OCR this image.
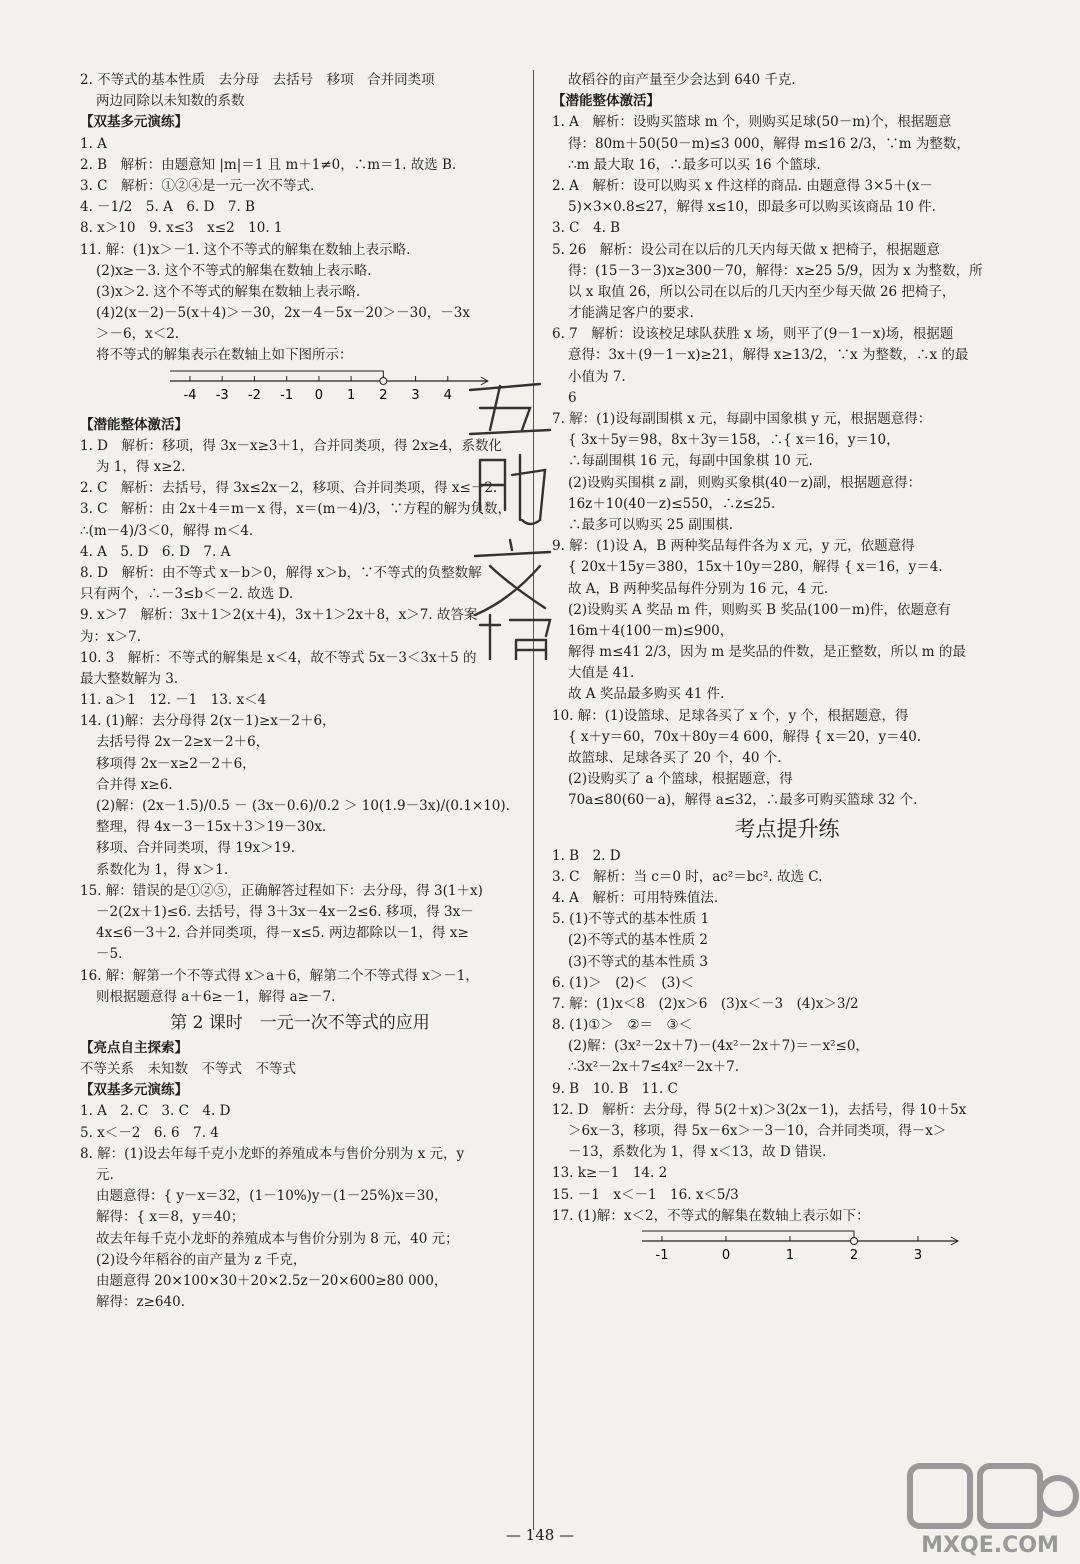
2. 不等式的基本性质　去分母　去括号　移项　合并同类项
两边同除以未知数的系数
【双基多元演练】
1. A
2. B　解析：由题意知 |m|＝1 且 m＋1≠0，∴m＝1. 故选 B.
3. C　解析：①②④是一元一次不等式.
4. －1/2　5. A　6. D　7. B
8. x＞10　9. x≤3　x≤2　10. 1
11. 解：(1)x＞－1. 这个不等式的解集在数轴上表示略.
(2)x≥－3. 这个不等式的解集在数轴上表示略.
(3)x＞2. 这个不等式的解集在数轴上表示略.
(4)2(x－2)－5(x＋4)＞－30，2x－4－5x－20＞－30，－3x
＞－6，x＜2.
将不等式的解集表示在数轴上如下图所示：
-4 -3 -2 -1 0 1 2 3 4
【潜能整体激活】
1. D　解析：移项，得 3x－x≥3＋1，合并同类项，得 2x≥4，系数化
为 1，得 x≥2.
2. C　解析：去括号，得 3x≤2x－2，移项、合并同类项，得 x≤－2.
3. C　解析：由 2x＋4＝m－x 得，x＝(m－4)/3，∵方程的解为负数，
∴(m－4)/3＜0，解得 m＜4.
4. A　5. D　6. D　7. A
8. D　解析：由不等式 x－b＞0，解得 x＞b，∵不等式的负整数解
只有两个，∴－3≤b＜－2. 故选 D.
9. x＞7　解析：3x＋1＞2(x＋4)，3x＋1＞2x＋8，x＞7. 故答案
为：x＞7.
10. 3　解析：不等式的解集是 x＜4，故不等式 5x－3＜3x＋5 的
最大整数解为 3.
11. a＞1　12. －1　13. x＜4
14. (1)解：去分母得 2(x－1)≥x－2＋6，
去括号得 2x－2≥x－2＋6，
移项得 2x－x≥2－2＋6，
合并得 x≥6.
(2)解：(2x－1.5)/0.5 － (3x－0.6)/0.2 ＞ 10(1.9－3x)/(0.1×10).
整理，得 4x－3－15x＋3＞19－30x.
移项、合并同类项，得 19x＞19.
系数化为 1，得 x＞1.
15. 解：错误的是①②⑤，正确解答过程如下：去分母，得 3(1＋x)
－2(2x＋1)≤6. 去括号，得 3＋3x－4x－2≤6. 移项，得 3x－
4x≤6－3＋2. 合并同类项，得－x≤5. 两边都除以－1，得 x≥
－5.
16. 解：解第一个不等式得 x＞a＋6，解第二个不等式得 x＞－1，
则根据题意得 a＋6≥－1，解得 a≥－7.
第 2 课时　一元一次不等式的应用
【亮点自主探索】
不等关系　未知数　不等式　不等式
【双基多元演练】
1. A　2. C　3. C　4. D
5. x＜－2　6. 6　7. 4
8. 解：(1)设去年每千克小龙虾的养殖成本与售价分别为 x 元，y
元.
由题意得：{ y－x＝32，(1－10%)y－(1－25%)x＝30，
解得：{ x＝8，y＝40；
故去年每千克小龙虾的养殖成本与售价分别为 8 元，40 元；
(2)设今年稻谷的亩产量为 z 千克，
由题意得 20×100×30＋20×2.5z－20×600≥80 000，
解得：z≥640.
故稻谷的亩产量至少会达到 640 千克.
【潜能整体激活】
1. A　解析：设购买篮球 m 个，则购买足球(50－m)个，根据题意
得：80m＋50(50－m)≤3 000，解得 m≤16 2/3，∵m 为整数，
∴m 最大取 16，∴最多可以买 16 个篮球.
2. A　解析：设可以购买 x 件这样的商品. 由题意得 3×5＋(x－
5)×3×0.8≤27，解得 x≤10，即最多可以购买该商品 10 件.
3. C　4. B
5. 26　解析：设公司在以后的几天内每天做 x 把椅子，根据题意
得：(15－3－3)x≥300－70，解得：x≥25 5/9，因为 x 为整数，所
以 x 取值 26，所以公司在以后的几天内至少每天做 26 把椅子，
才能满足客户的要求.
6. 7　解析：设该校足球队获胜 x 场，则平了(9－1－x)场，根据题
意得：3x＋(9－1－x)≥21，解得 x≥13/2，∵x 为整数，∴x 的最
小值为 7.
6
7. 解：(1)设每副围棋 x 元，每副中国象棋 y 元，根据题意得：
{ 3x＋5y＝98，8x＋3y＝158，∴{ x＝16，y＝10，
∴每副围棋 16 元，每副中国象棋 10 元.
(2)设购买围棋 z 副，则购买象棋(40－z)副，根据题意得：
16z＋10(40－z)≤550，∴z≤25.
∴最多可以购买 25 副围棋.
9. 解：(1)设 A，B 两种奖品每件各为 x 元，y 元，依题意得
{ 20x＋15y＝380，15x＋10y＝280，解得 { x＝16，y＝4.
故 A，B 两种奖品每件分别为 16 元，4 元.
(2)设购买 A 奖品 m 件，则购买 B 奖品(100－m)件，依题意有
16m＋4(100－m)≤900，
解得 m≤41 2/3，因为 m 是奖品的件数，是正整数，所以 m 的最
大值是 41.
故 A 奖品最多购买 41 件.
10. 解：(1)设篮球、足球各买了 x 个，y 个，根据题意，得
{ x＋y＝60，70x＋80y＝4 600，解得 { x＝20，y＝40.
故篮球、足球各买了 20 个，40 个.
(2)设购买了 a 个篮球，根据题意，得
70a≤80(60－a)，解得 a≤32，∴最多可购买篮球 32 个.
考点提升练
1. B　2. D
3. C　解析：当 c＝0 时，ac²＝bc². 故选 C.
4. A　解析：可用特殊值法.
5. (1)不等式的基本性质 1
(2)不等式的基本性质 2
(3)不等式的基本性质 3
6. (1)＞　(2)＜　(3)＜
7. 解：(1)x＜8　(2)x＞6　(3)x＜－3　(4)x＞3/2
8. (1)①＞　②＝　③＜
(2)解：(3x²－2x＋7)－(4x²－2x＋7)＝－x²≤0，
∴3x²－2x＋7≤4x²－2x＋7.
9. B　10. B　11. C
12. D　解析：去分母，得 5(2＋x)＞3(2x－1)，去括号，得 10＋5x
＞6x－3，移项，得 5x－6x＞－3－10，合并同类项，得－x＞
－13，系数化为 1，得 x＜13，故 D 错误.
13. k≥－1　14. 2
15. －1　x＜－1　16. x＜5/3
17. (1)解：x＜2，不等式的解集在数轴上表示如下：
-1	0	1	2	3
MXQE.COM
— 148 —
